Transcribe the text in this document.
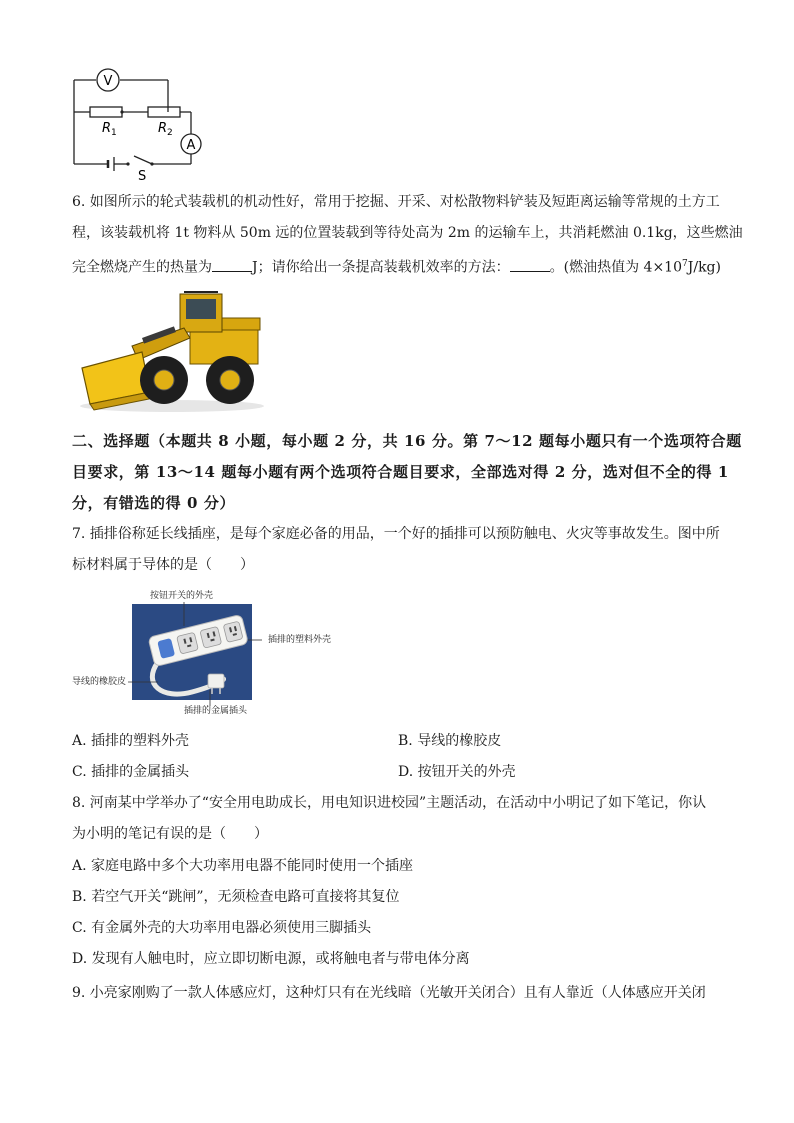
V
A
$R_1$	$R_2$
S
6. 如图所示的轮式装载机的机动性好，常用于挖掘、开采、对松散物料铲装及短距离运输等常规的土方工
程，该装载机将 1t 物料从 50m 远的位置装载到等待处高为 2m 的运输车上，共消耗燃油 0.1kg，这些燃油
完全燃烧产生的热量为	J；请你给出一条提高装载机效率的方法：	。(燃油热值为 $4\times 10^7J/kg$)
二、选择题（本题共 8 小题，每小题 2 分，共 16 分。第 7～12 题每小题只有一个选项符合题
目要求，第 13～14 题每小题有两个选项符合题目要求，全部选对得 2 分，选对但不全的得 1
分，有错选的得 0 分）
7. 插排俗称延长线插座，是每个家庭必备的用品，一个好的插排可以预防触电、火灾等事故发生。图中所
标材料属于导体的是（　　）
按钮开关的外壳
插排的塑料外壳
导线的橡胶皮
插排的金属插头
A. 插排的塑料外壳	B. 导线的橡胶皮
C. 插排的金属插头	D. 按钮开关的外壳
8. 河南某中学举办了“安全用电助成长，用电知识进校园”主题活动，在活动中小明记了如下笔记，你认
为小明的笔记有误的是（　　）
A. 家庭电路中多个大功率用电器不能同时使用一个插座
B. 若空气开关“跳闸”，无须检查电路可直接将其复位
C. 有金属外壳的大功率用电器必须使用三脚插头
D. 发现有人触电时，应立即切断电源，或将触电者与带电体分离
9. 小亮家刚购了一款人体感应灯，这种灯只有在光线暗（光敏开关闭合）且有人靠近（人体感应开关闭
